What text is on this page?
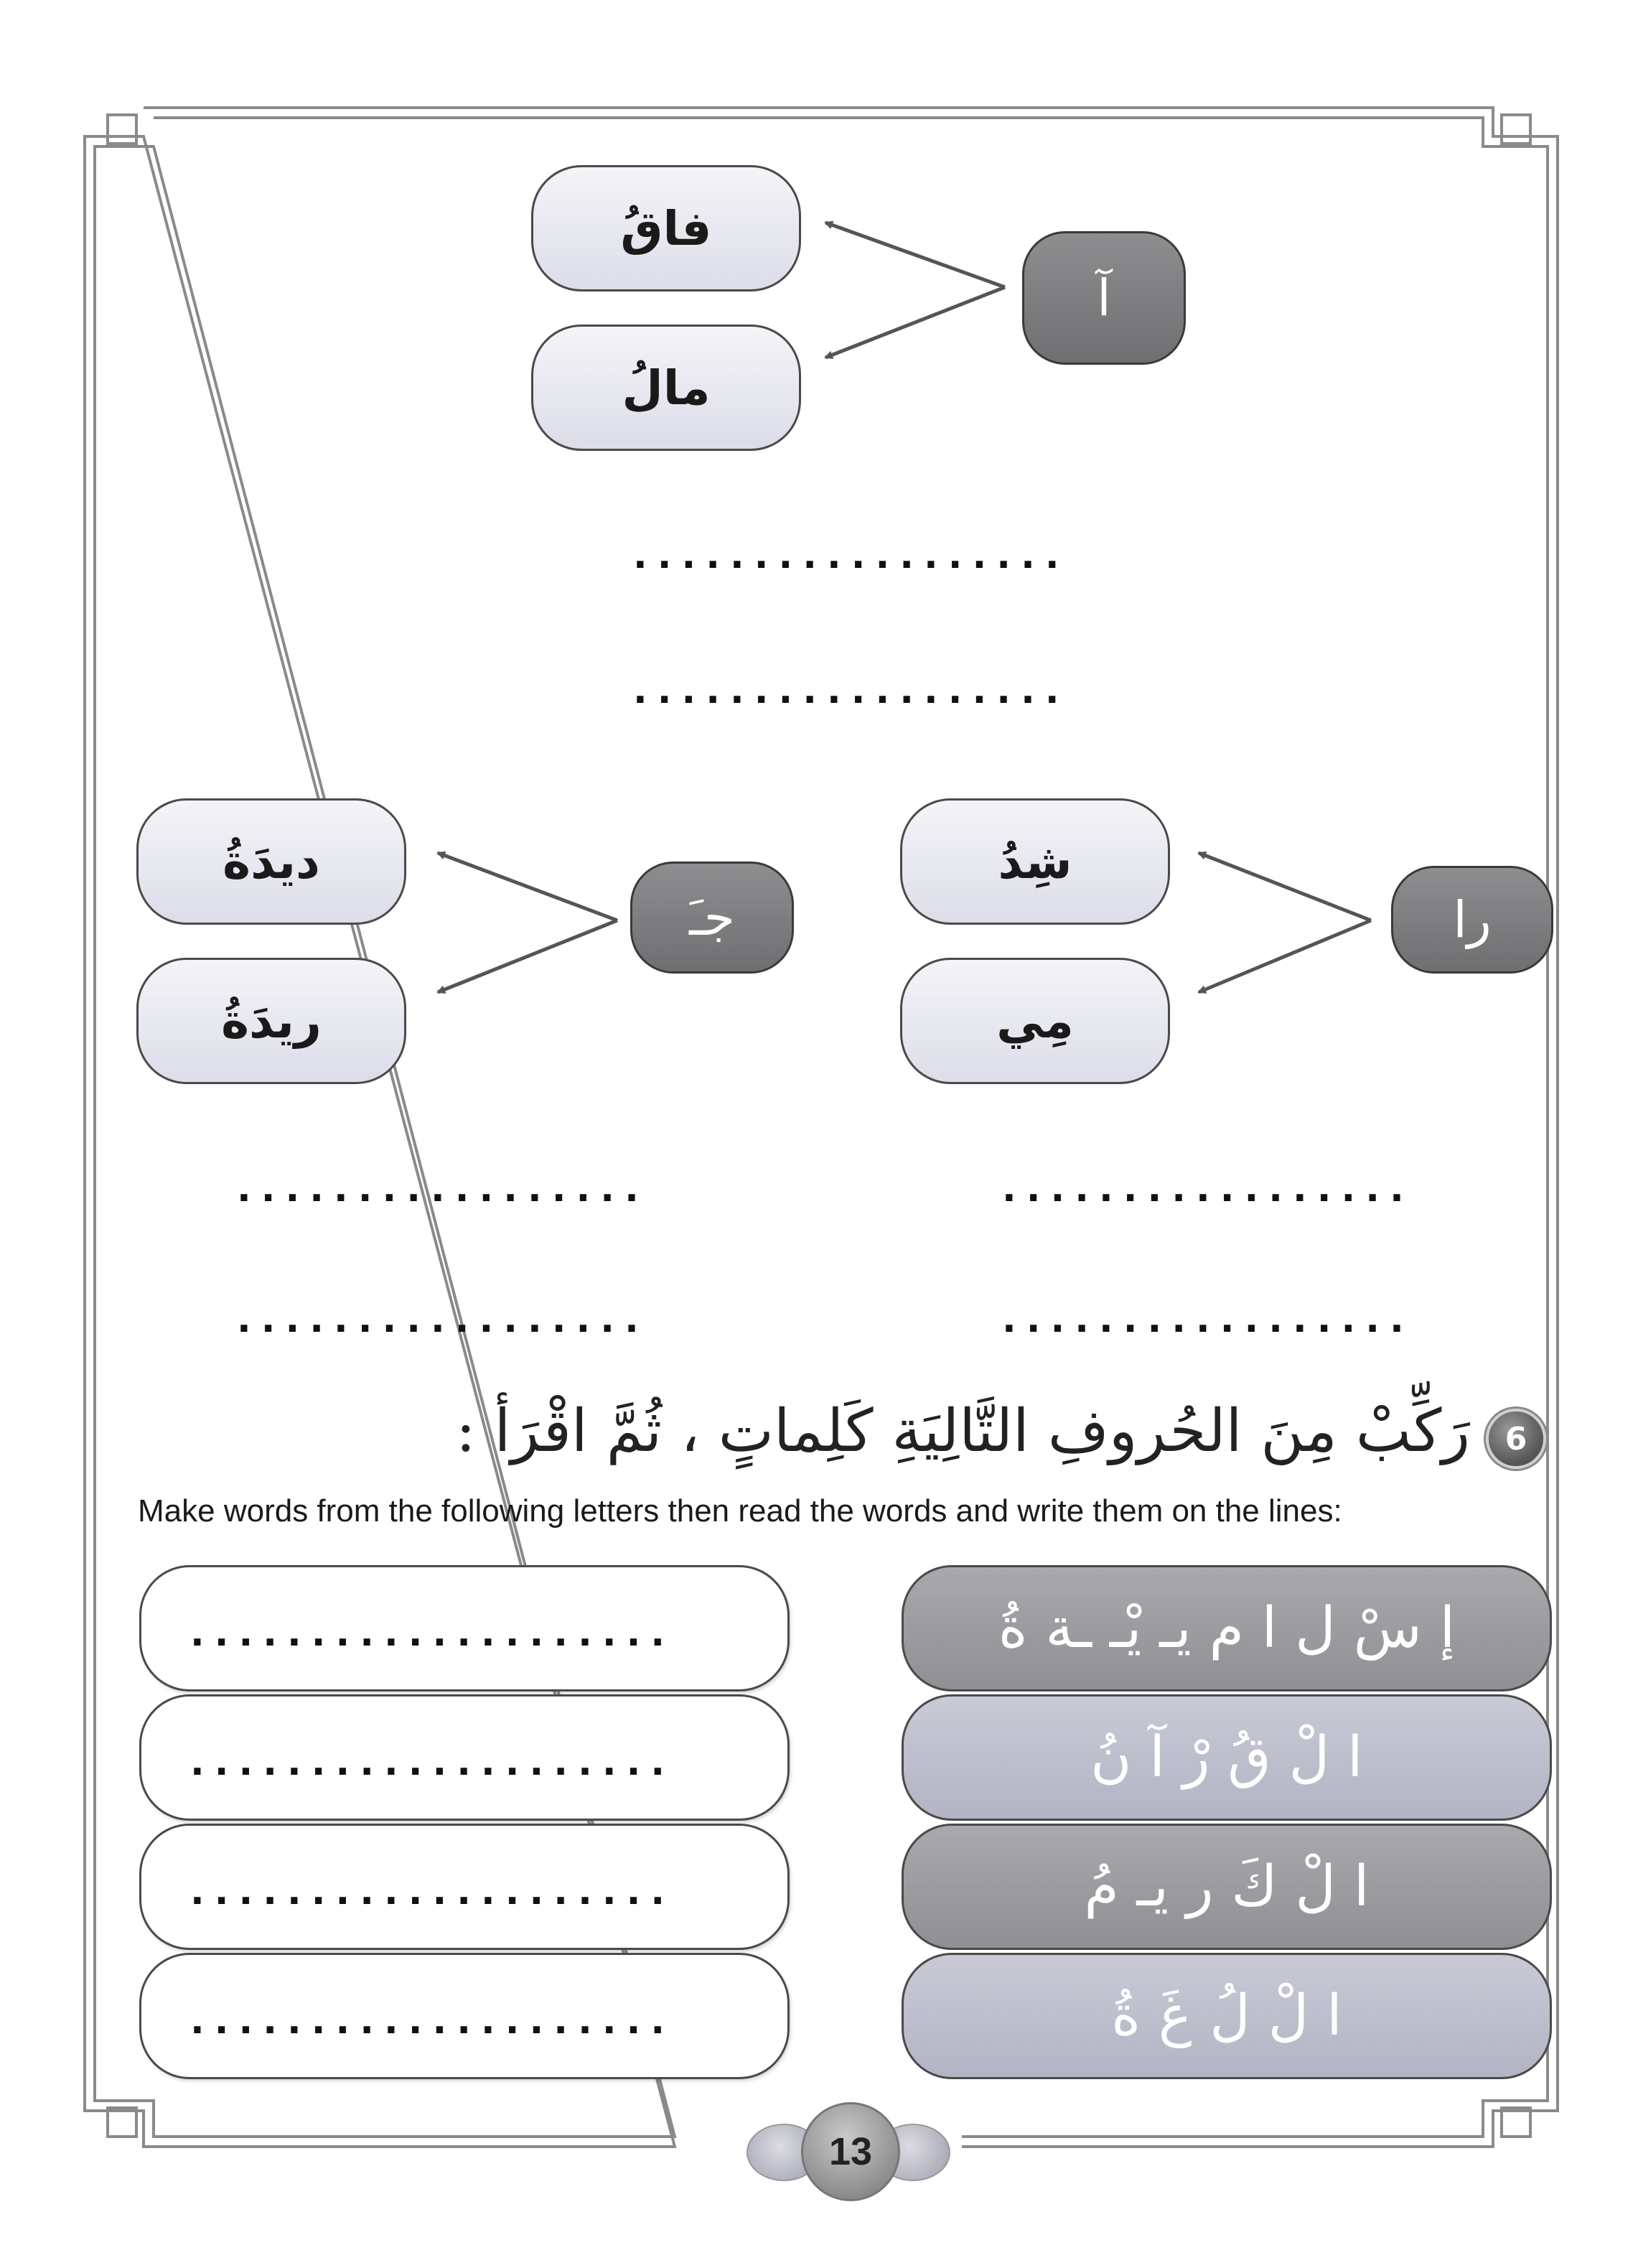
فاقُ
مالُ
آ
..................
..................
ديدَةُ
ريدَةُ
جـَ
شِدُ
مِي
را
.................
.................
.................
.................
6
رَكِّبْ مِنَ الحُروفِ التَّالِيَةِ كَلِماتٍ ، ثُمَّ اقْرَأ :
Make words from the following letters then read the words and write them on the lines:
....................
....................
....................
....................
إ سْ ل ا م يـ يْـ ـة ةُ
ا لْ قُ رْ آ نُ
ا لْ كَ ر يـ مُ
ا لْ لُ غَ ةُ
13
